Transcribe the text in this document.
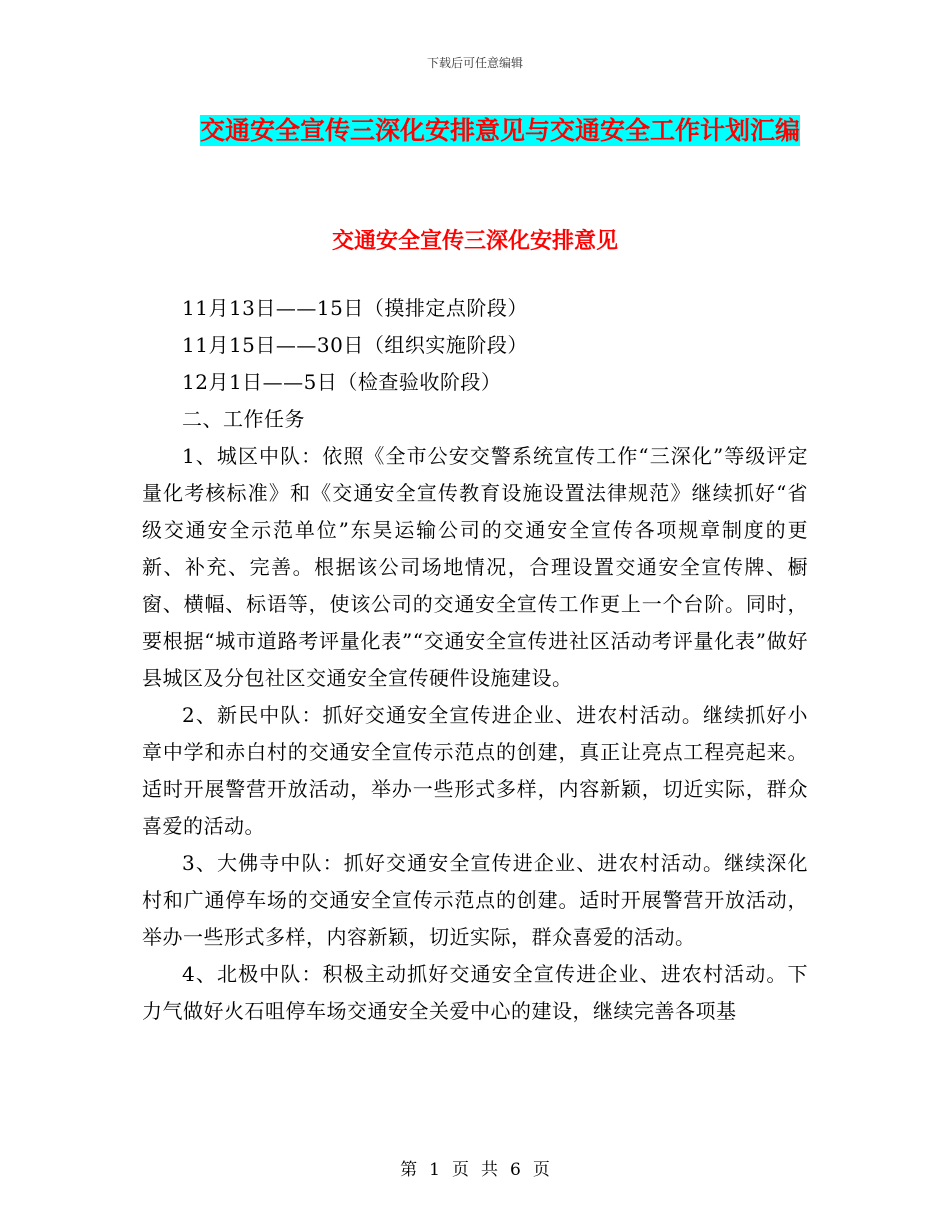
下载后可任意编辑
交通安全宣传三深化安排意见与交通安全工作计划汇编
交通安全宣传三深化安排意见

11月13日——15日（摸排定点阶段）

11月15日——30日（组织实施阶段）

12月1日——5日（检查验收阶段）

二、工作任务

1、城区中队：依照《全市公安交警系统宣传工作“三深化”等级评定量化考核标准》和《交通安全宣传教育设施设置法律规范》继续抓好“省级交通安全示范单位”东昊运输公司的交通安全宣传各项规章制度的更新、补充、完善。根据该公司场地情况，合理设置交通安全宣传牌、橱窗、横幅、标语等，使该公司的交通安全宣传工作更上一个台阶。同时，要根据“城市道路考评量化表”“交通安全宣传进社区活动考评量化表”做好县城区及分包社区交通安全宣传硬件设施建设。

2、新民中队：抓好交通安全宣传进企业、进农村活动。继续抓好小章中学和赤白村的交通安全宣传示范点的创建，真正让亮点工程亮起来。适时开展警营开放活动，举办一些形式多样，内容新颖，切近实际，群众喜爱的活动。

3、大佛寺中队：抓好交通安全宣传进企业、进农村活动。继续深化村和广通停车场的交通安全宣传示范点的创建。适时开展警营开放活动，举办一些形式多样，内容新颖，切近实际，群众喜爱的活动。

4、北极中队：积极主动抓好交通安全宣传进企业、进农村活动。下力气做好火石咀停车场交通安全关爱中心的建设，继续完善各项基

第 1 页 共 6 页
